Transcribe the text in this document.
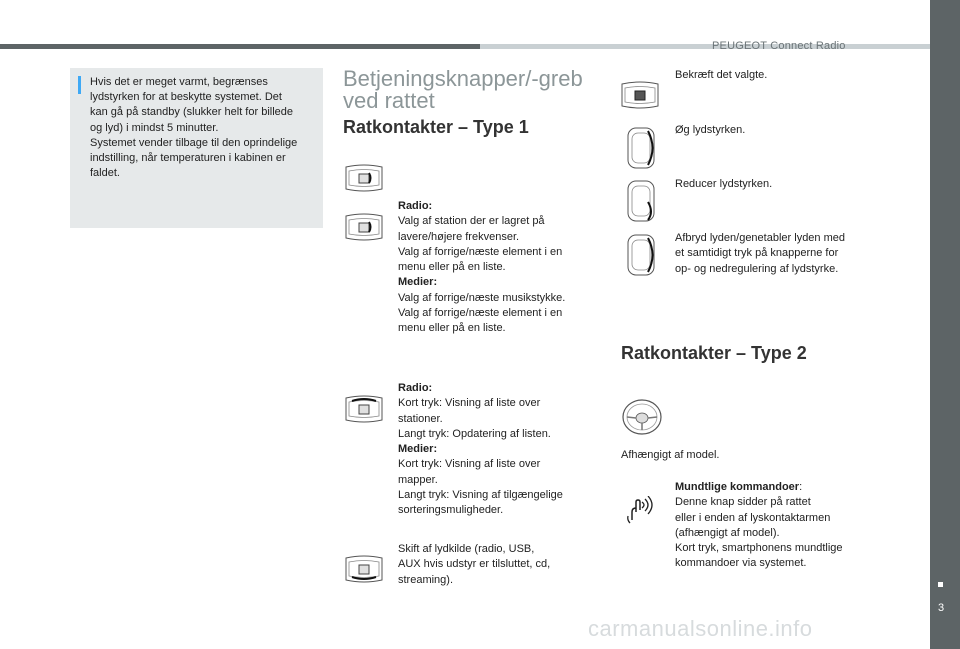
PEUGEOT Connect Radio
Hvis det er meget varmt, begrænses
lydstyrken for at beskytte systemet. Det
kan gå på standby (slukker helt for billede
og lyd) i mindst 5 minutter.
Systemet vender tilbage til den oprindelige
indstilling, når temperaturen i kabinen er
faldet.
Betjeningsknapper/-greb
ved rattet
Ratkontakter – Type 1
Radio:
Valg af station der er lagret på
lavere/højere frekvenser.
Valg af forrige/næste element i en
menu eller på en liste.
Medier:
Valg af forrige/næste musikstykke.
Valg af forrige/næste element i en
menu eller på en liste.
Radio:
Kort tryk: Visning af liste over
stationer.
Langt tryk: Opdatering af listen.
Medier:
Kort tryk: Visning af liste over
mapper.
Langt tryk: Visning af tilgængelige
sorteringsmuligheder.
Skift af lydkilde (radio, USB,
AUX hvis udstyr er tilsluttet, cd,
streaming).
Bekræft det valgte.
Øg lydstyrken.
Reducer lydstyrken.
Afbryd lyden/genetabler lyden med
et samtidigt tryk på knapperne for
op- og nedregulering af lydstyrke.
Ratkontakter – Type 2
Afhængigt af model.
Mundtlige kommandoer:
Denne knap sidder på rattet
eller i enden af lyskontaktarmen
(afhængigt af model).
Kort tryk, smartphonens mundtlige
kommandoer via systemet.
3
carmanualsonline.info
